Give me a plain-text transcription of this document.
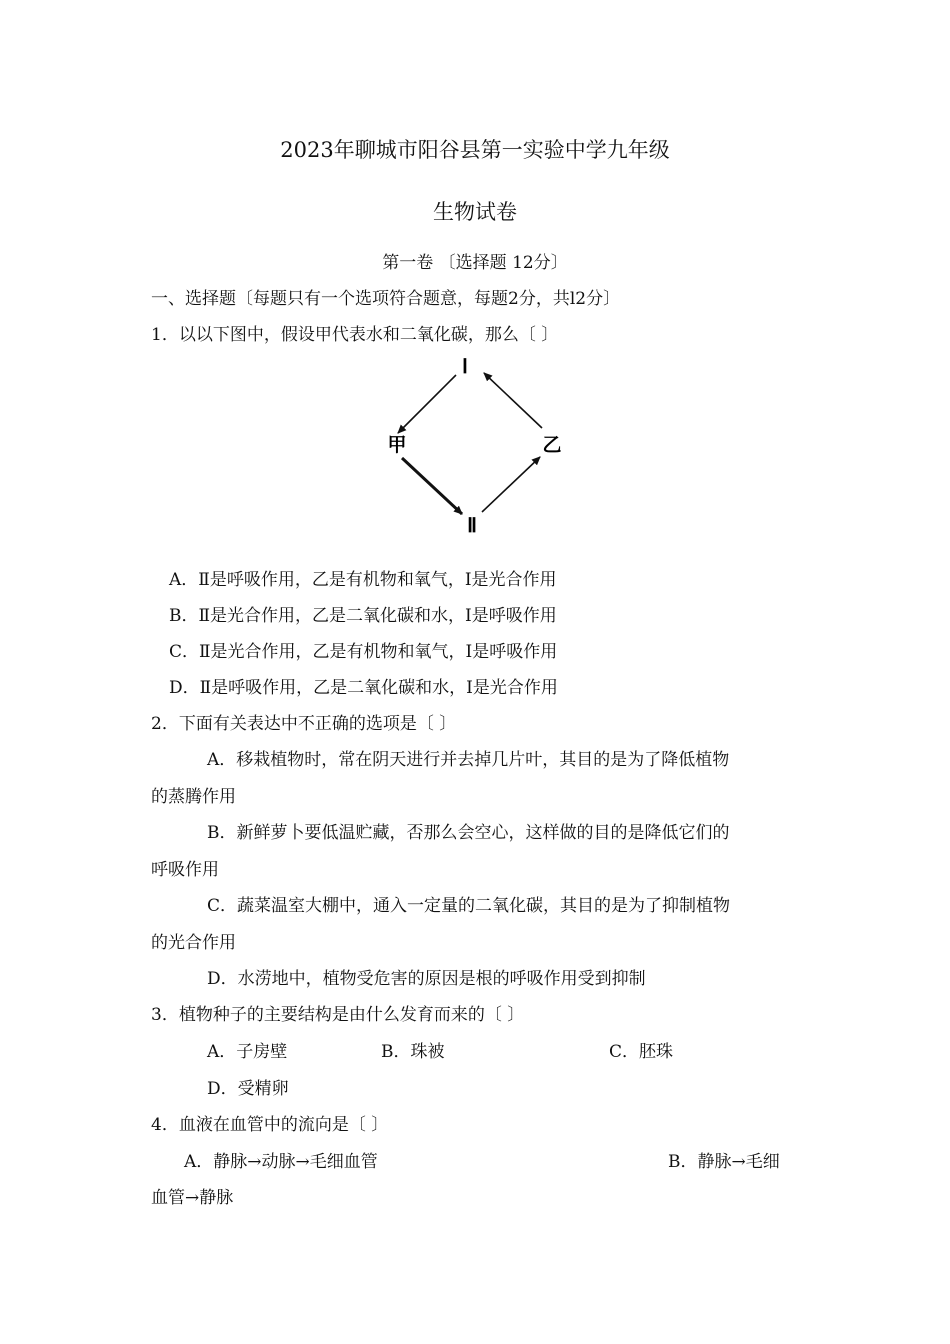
2023年聊城市阳谷县第一实验中学九年级
生物试卷
第一卷 〔选择题 12分〕
一、选择题〔每题只有一个选项符合题意，每题2分，共l2分〕
1．以以下图中，假设甲代表水和二氧化碳，那么〔 〕
Ⅰ
甲	乙
Ⅱ
A．Ⅱ是呼吸作用，乙是有机物和氧气，I是光合作用
B．Ⅱ是光合作用，乙是二氧化碳和水，I是呼吸作用
C．Ⅱ是光合作用，乙是有机物和氧气，I是呼吸作用
D．Ⅱ是呼吸作用，乙是二氧化碳和水，I是光合作用
2．下面有关表达中不正确的选项是〔 〕
A．移栽植物时，常在阴天进行并去掉几片叶，其目的是为了降低植物
的蒸腾作用
B．新鲜萝卜要低温贮藏，否那么会空心，这样做的目的是降低它们的
呼吸作用
C．蔬菜温室大棚中，通入一定量的二氧化碳，其目的是为了抑制植物
的光合作用
D．水涝地中，植物受危害的原因是根的呼吸作用受到抑制
3．植物种子的主要结构是由什么发育而来的〔 〕
A．子房壁	B．珠被	C．胚珠
D．受精卵
4．血液在血管中的流向是〔 〕
A．静脉→动脉→毛细血管	B．静脉→毛细
血管→静脉
